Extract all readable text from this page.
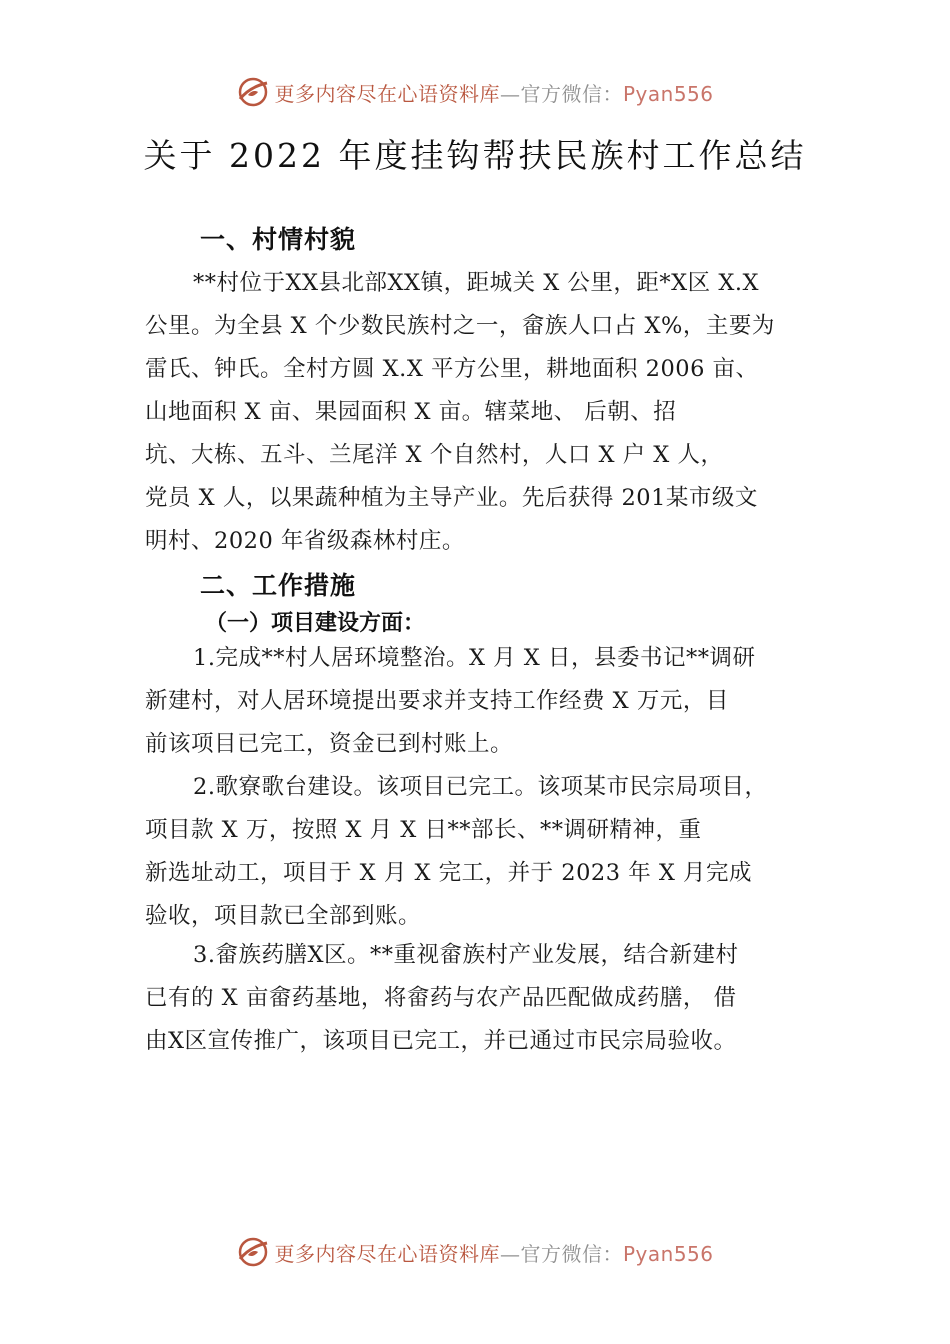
更多内容尽在心语资料库—官方微信：Pyan556
关于 2022 年度挂钩帮扶民族村工作总结
一、村情村貌
**村位于XX县北部XX镇，距城关 X 公里，距*X区 X.X
公里。为全县 X 个少数民族村之一，畲族人口占 X%，主要为
雷氏、钟氏。全村方圆 X.X 平方公里，耕地面积 2006 亩、
山地面积 X 亩、果园面积 X 亩。辖菜地、 后朝、招
坑、大栋、五斗、兰尾洋 X 个自然村，人口 X 户 X 人，
党员 X 人，以果蔬种植为主导产业。先后获得 201某市级文
明村、2020 年省级森林村庄。
二、工作措施
（一）项目建设方面：
1.完成**村人居环境整治。X 月 X 日，县委书记**调研
新建村，对人居环境提出要求并支持工作经费 X 万元，目
前该项目已完工，资金已到村账上。
2.歌寮歌台建设。该项目已完工。该项某市民宗局项目，
项目款 X 万，按照 X 月 X 日**部长、**调研精神，重
新选址动工，项目于 X 月 X 完工，并于 2023 年 X 月完成
验收，项目款已全部到账。
3.畲族药膳X区。**重视畲族村产业发展，结合新建村
已有的 X 亩畲药基地，将畲药与农产品匹配做成药膳， 借
由X区宣传推广，该项目已完工，并已通过市民宗局验收。
更多内容尽在心语资料库—官方微信：Pyan556
